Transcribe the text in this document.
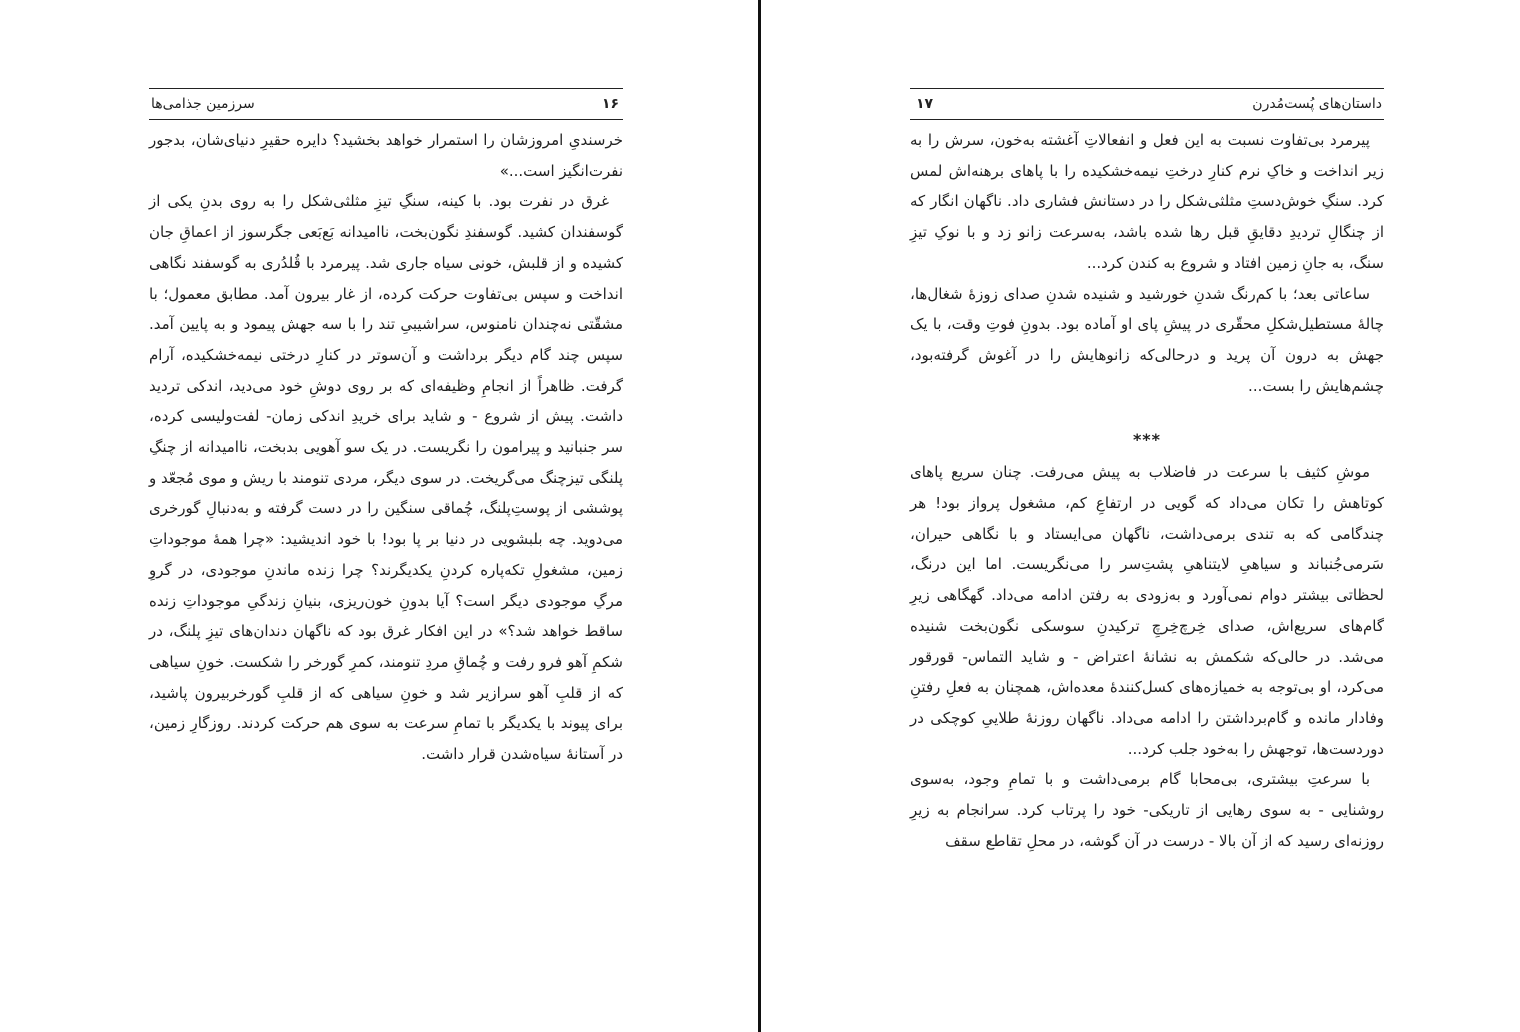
سرزمین جذامی‌ها	۱۶

خرسندیِ امروزشان را استمرار خواهد بخشید؟ دایره حقیرِ دنیای‌شان، بدجور نفرت‌انگیز است...»

غرق در نفرت بود. با کینه، سنگِ تیزِ مثلثی‌شکل را به روی بدنِ یکی از گوسفندان کشید. گوسفندِ نگون‌بخت، ناامیدانه بَع‌بَعی جگرسوز از اعماقِ جان کشیده و از قلبش، خونی سیاه جاری شد. پیرمرد با قُلدُری به گوسفند نگاهی انداخت و سپس بی‌تفاوت حرکت کرده، از غار بیرون آمد. مطابق معمول؛ با مشقّتی نه‌چندان نامنوس، سراشیبیِ تند را با سه جهش پیمود و به پایین آمد. سپس چند گام دیگر برداشت و آن‌سوتر در کنارِ درختی نیمه‌خشکیده، آرام گرفت. ظاهراً از انجامِ وظیفه‌ای که بر روی دوشِ خود می‌دید، اندکی تردید داشت. پیش از شروع - و شاید برای خریدِ اندکی زمان- لفت‌ولیسی کرده، سر جنبانید و پیرامون را نگریست. در یک سو آهویی بدبخت، ناامیدانه از چنگِ پلنگی تیزچنگ می‌گریخت. در سوی دیگر، مردی تنومند با ریش و موی مُجعّد و پوششی از پوستِ‌پلنگ، چُماقی سنگین را در دست گرفته و به‌دنبالِ گورخری می‌دوید. چه بلبشویی در دنیا بر پا بود! با خود اندیشید: «چرا همهٔ موجوداتِ زمین، مشغولِ تکه‌پاره کردنِ یکدیگرند؟ چرا زنده ماندنِ موجودی، در گروِ مرگِ موجودی دیگر است؟ آیا بدونِ خون‌ریزی، بنیانِ زندگیِ موجوداتِ زنده ساقط خواهد شد؟» در این افکار غرق بود که ناگهان دندان‌های تیزِ پلنگ، در شکمِ آهو فرو رفت و چُماقِ مردِ تنومند، کمرِ گورخر را شکست. خونِ سیاهی که از قلبِ آهو سرازیر شد و خونِ سیاهی که از قلبِ گورخربیرون پاشید، برای پیوند با یکدیگر با تمامِ سرعت به سوی هم حرکت کردند. روزگارِ زمین، در آستانهٔ سیاه‌شدن قرار داشت.

داستان‌های پُست‌مُدرن
۱۷

پیرمرد بی‌تفاوت نسبت به این فعل و انفعالاتِ آغشته به‌خون، سرش را به زیر انداخت و خاکِ نرم کنارِ درختِ نیمه‌خشکیده را با پاهای برهنه‌اش لمس کرد. سنگِ خوش‌دستِ مثلثی‌شکل را در دستانش فشاری داد. ناگهان انگار که از چنگالِ تردیدِ دقایقِ قبل رها شده باشد، به‌سرعت زانو زد و با نوکِ تیزِ سنگ، به جانِ زمین افتاد و شروع به کندن کرد...

ساعاتی بعد؛ با کم‌رنگ شدنِ خورشید و شنیده شدنِ صدای زوزهٔ شغال‌ها، چالهٔ مستطیل‌شکلِ محقّری در پیشِ پای او آماده بود. بدونِ فوتِ وقت، با یک جهش به درون آن پرید و درحالی‌که زانوهایش را در آغوش گرفته‌بود، چشم‌هایش را بست...

***

موشِ کثیف با سرعت در فاضلاب به پیش می‌رفت. چنان سریع پاهای کوتاهش را تکان می‌داد که گویی در ارتفاعِ کم، مشغول پرواز بود! هر چندگامی که به تندی برمی‌داشت، ناگهان می‌ایستاد و با نگاهی حیران، سَرمی‌جُنباند و سیاهیِ لایتناهیِ پشتِ‌سر را می‌نگریست. اما این درنگ، لحظاتی بیشتر دوام نمی‌آورد و به‌زودی به رفتن ادامه می‌داد. گهگاهی زیرِ گام‌های سریع‌اش، صدای خِرچ‌خِرچِ ترکیدنِ سوسکی نگون‌بخت شنیده می‌شد. در حالی‌که شکمش به نشانهٔ اعتراض - و شاید التماس- قورقور می‌کرد، او بی‌توجه به خمیازه‌های کسل‌کنندهٔ معده‌اش، همچنان به فعلِ رفتنِ وفادار مانده و گام‌برداشتن را ادامه می‌داد. ناگهان روزنهٔ طلاییِ کوچکی در دوردست‌ها، توجهش را به‌خود جلب کرد...

با سرعتِ بیشتری، بی‌محابا گام برمی‌داشت و با تمامِ وجود، به‌سوی روشنایی - به سوی رهایی از تاریکی- خود را پرتاب کرد. سرانجام به زیرِ روزنه‌ای رسید که از آن بالا - درست در آن گوشه، در محلِ تقاطع سقف
